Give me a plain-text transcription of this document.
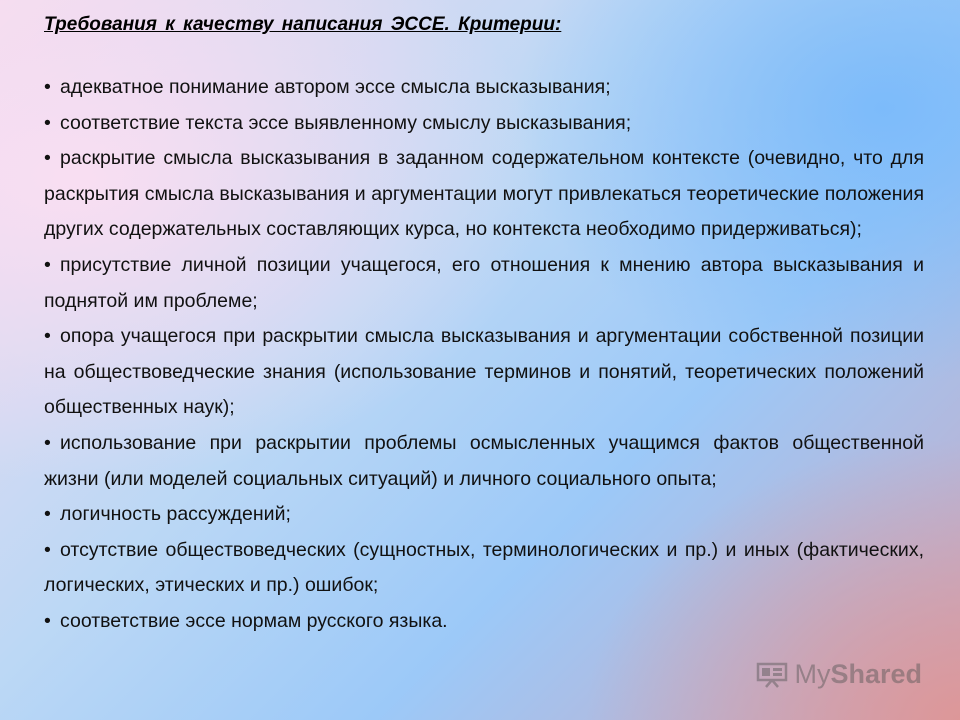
Требования к качеству написания ЭССЕ. Критерии:
• адекватное понимание автором эссе смысла высказывания;
• соответствие текста эссе выявленному смыслу высказывания;
• раскрытие смысла высказывания в заданном содержательном контексте (очевидно, что для раскрытия смысла высказывания и аргументации могут привлекаться теоретические положения других содержательных составляющих курса, но контекста необходимо придерживаться);
• присутствие личной позиции учащегося, его отношения к мнению автора высказывания и поднятой им проблеме;
• опора учащегося при раскрытии смысла высказывания и аргументации собственной позиции на обществоведческие знания (использование терминов и понятий, теоретических положений общественных наук);
• использование при раскрытии проблемы осмысленных учащимся фактов общественной жизни (или моделей социальных ситуаций) и личного социального опыта;
• логичность рассуждений;
• отсутствие обществоведческих (сущностных, терминологических и пр.) и иных (фактических, логических, этических и пр.) ошибок;
• соответствие эссе нормам русского языка.
MyShared
